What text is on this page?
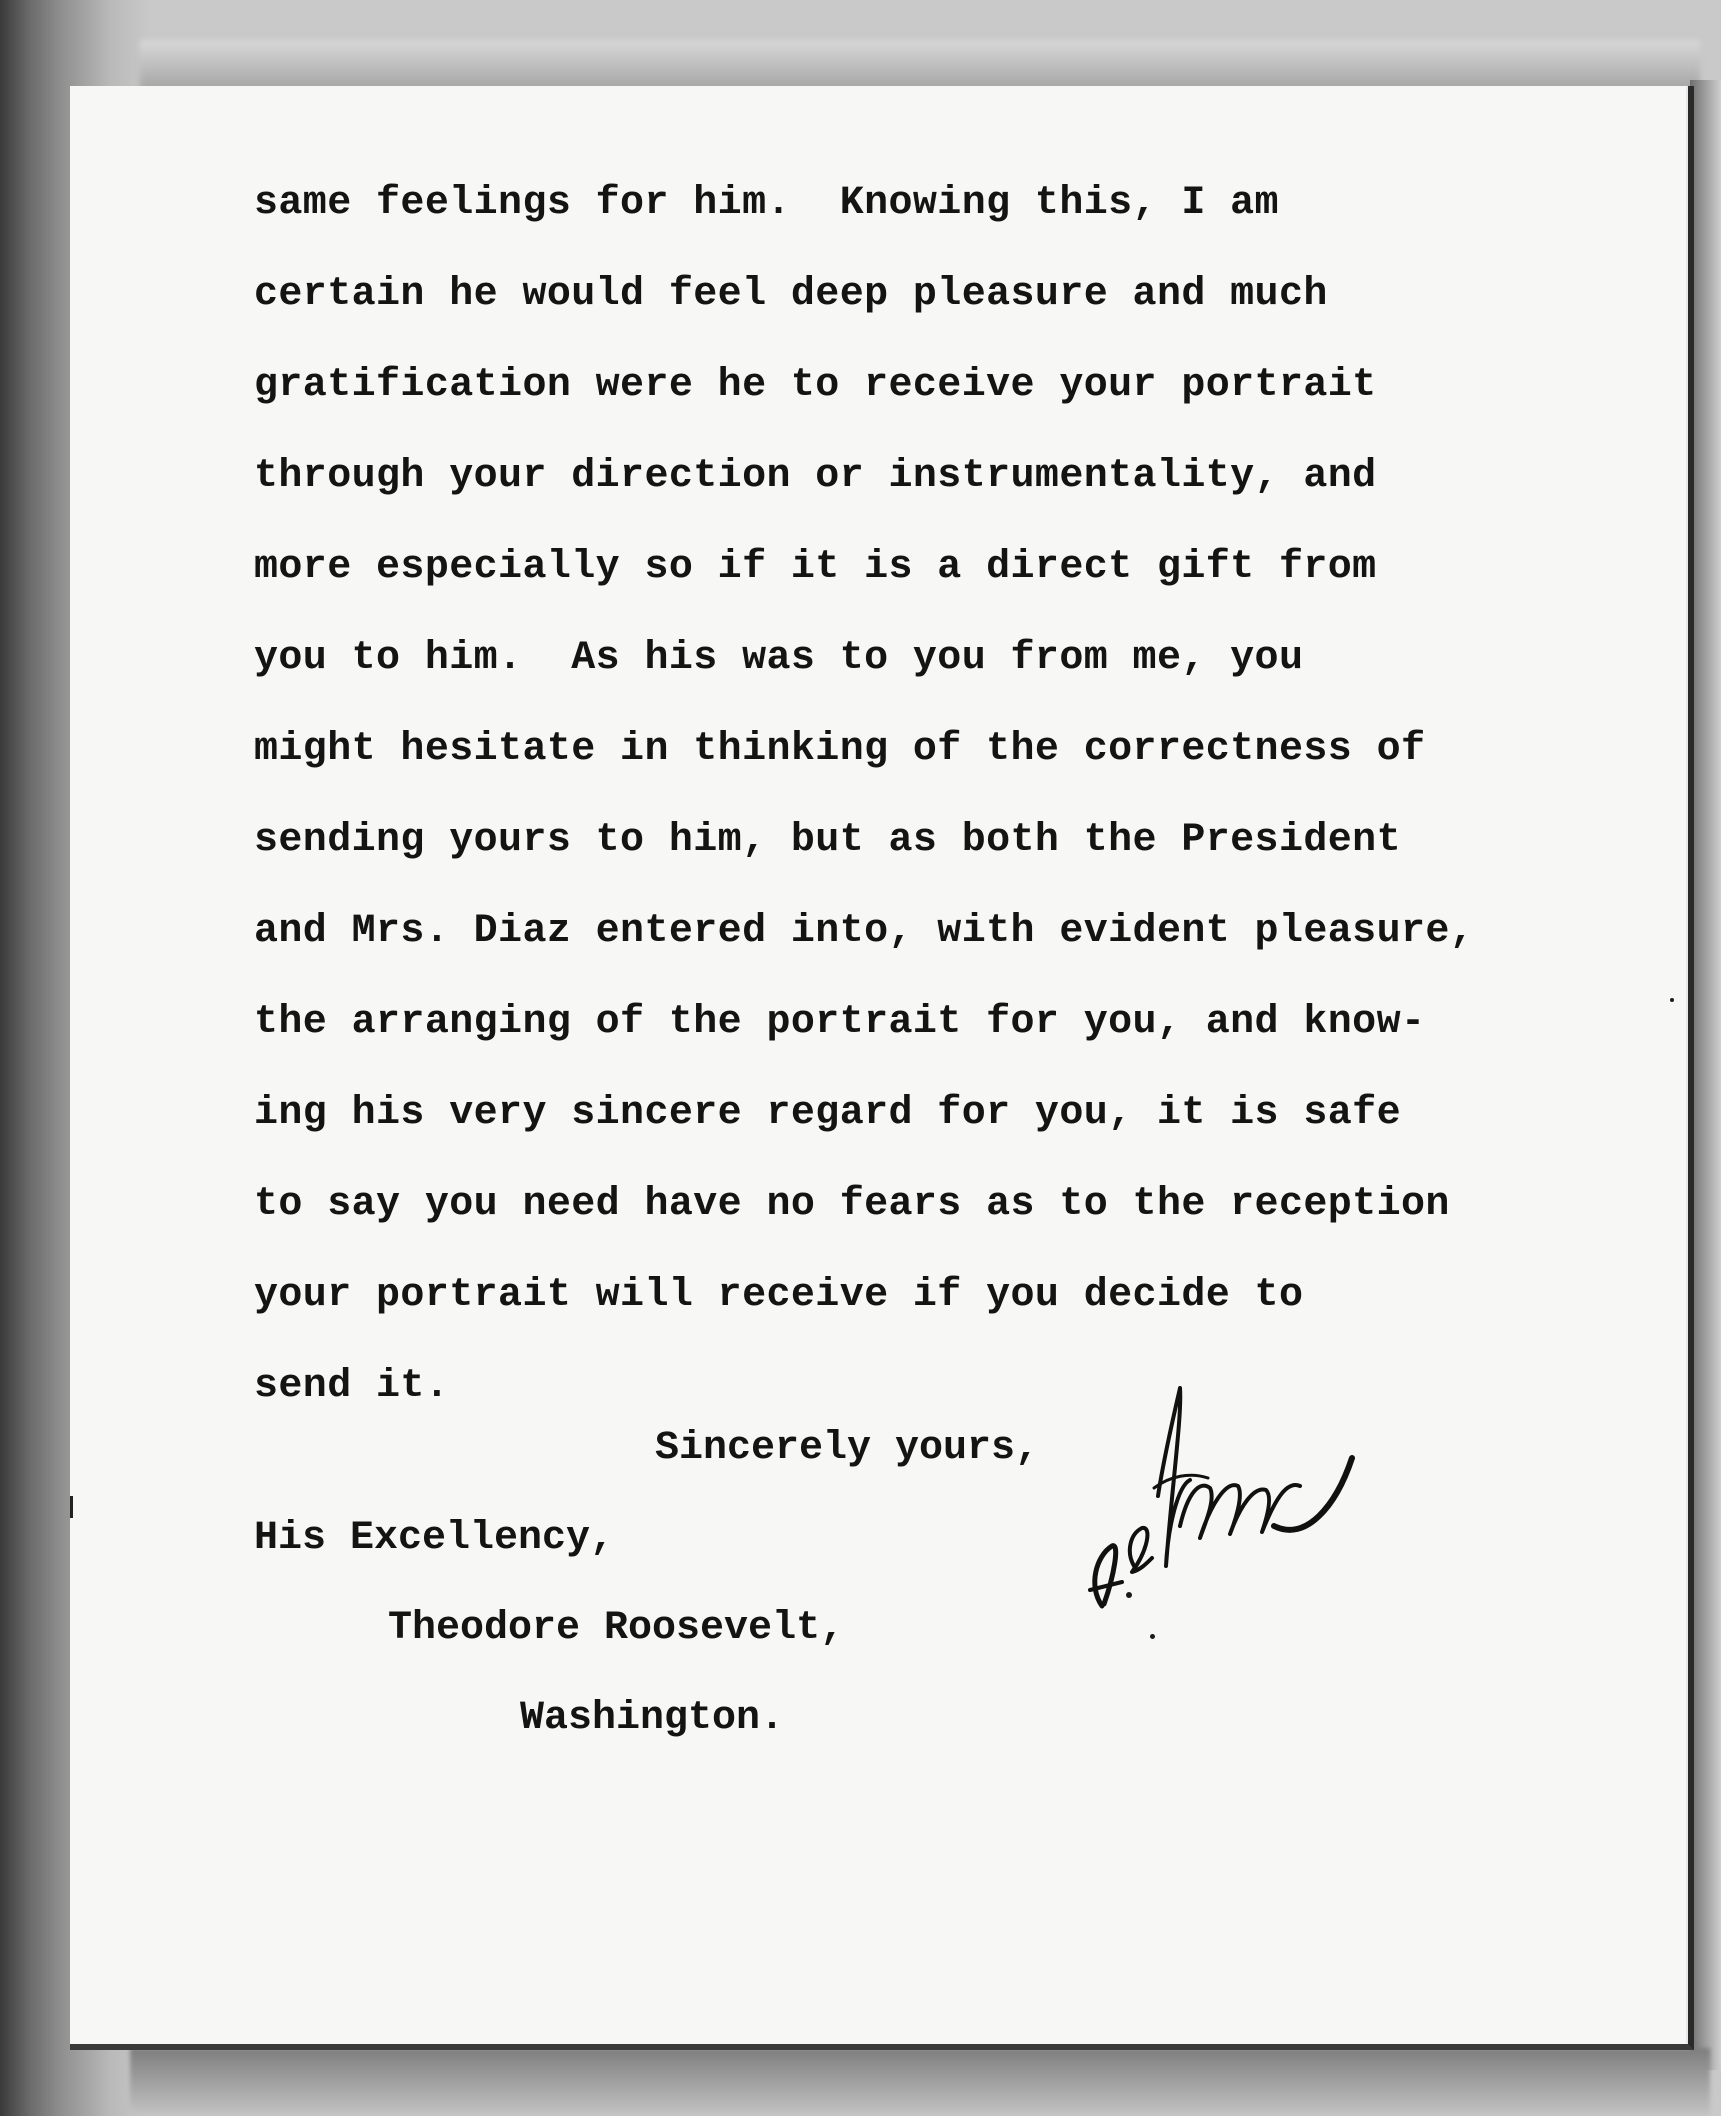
same feelings for him.  Knowing this, I am
certain he would feel deep pleasure and much
gratification were he to receive your portrait
through your direction or instrumentality, and
more especially so if it is a direct gift from
you to him.  As his was to you from me, you
might hesitate in thinking of the correctness of
sending yours to him, but as both the President
and Mrs. Diaz entered into, with evident pleasure,
the arranging of the portrait for you, and know-
ing his very sincere regard for you, it is safe
to say you need have no fears as to the reception
your portrait will receive if you decide to
send it.
Sincerely yours,
His Excellency,
Theodore Roosevelt,
Washington.
